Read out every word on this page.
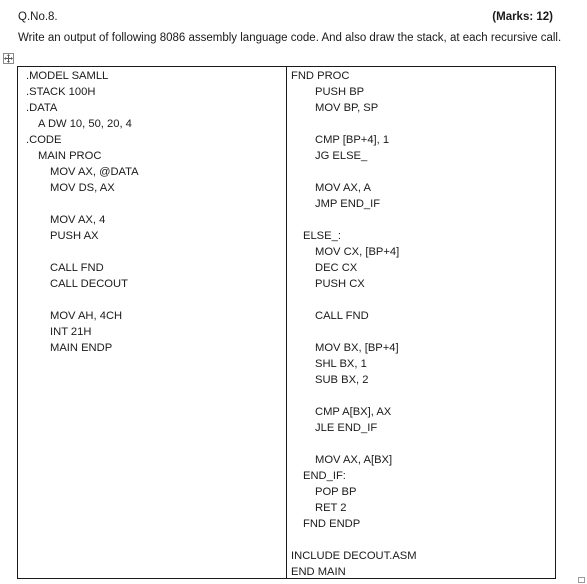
Q.No.8.	(Marks: 12)
Write an output of following 8086 assembly language code. And also draw the stack, at each recursive call.
.MODEL SAMLL
.STACK 100H
.DATA
A DW 10, 50, 20, 4
.CODE
MAIN PROC
MOV AX, @DATA
MOV DS, AX
MOV AX, 4
PUSH AX
CALL FND
CALL DECOUT
MOV AH, 4CH
INT 21H
MAIN ENDP
FND PROC
PUSH BP
MOV BP, SP
CMP [BP+4], 1
JG ELSE_
MOV AX, A
JMP END_IF
ELSE_:
MOV CX, [BP+4]
DEC CX
PUSH CX
CALL FND
MOV BX, [BP+4]
SHL BX, 1
SUB BX, 2
CMP A[BX], AX
JLE END_IF
MOV AX, A[BX]
END_IF:
POP BP
RET 2
FND ENDP
INCLUDE DECOUT.ASM
END MAIN
